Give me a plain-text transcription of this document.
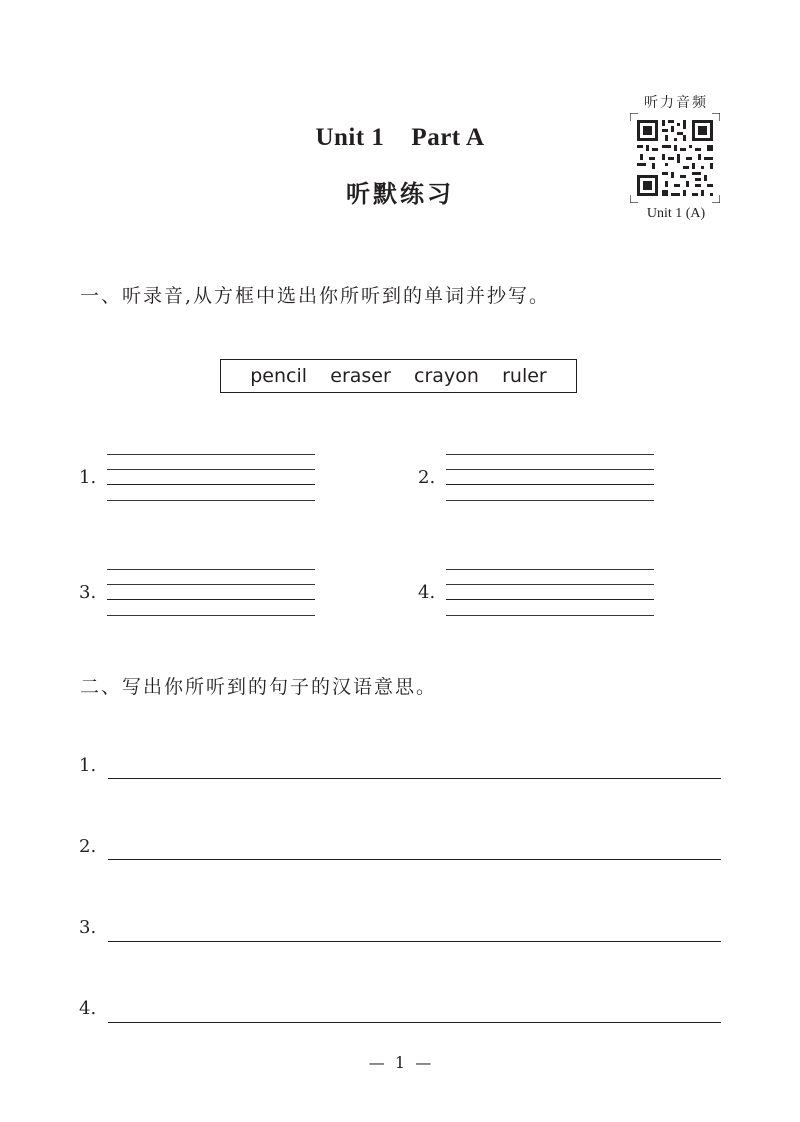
Unit 1    Part A
听默练习
听力音频
Unit 1 (A)
一、听录音,从方框中选出你所听到的单词并抄写。
pencil eraser crayon ruler
1.	2.
3.	4.
二、写出你所听到的句子的汉语意思。
1.
2.
3.
4.
—  1  —
